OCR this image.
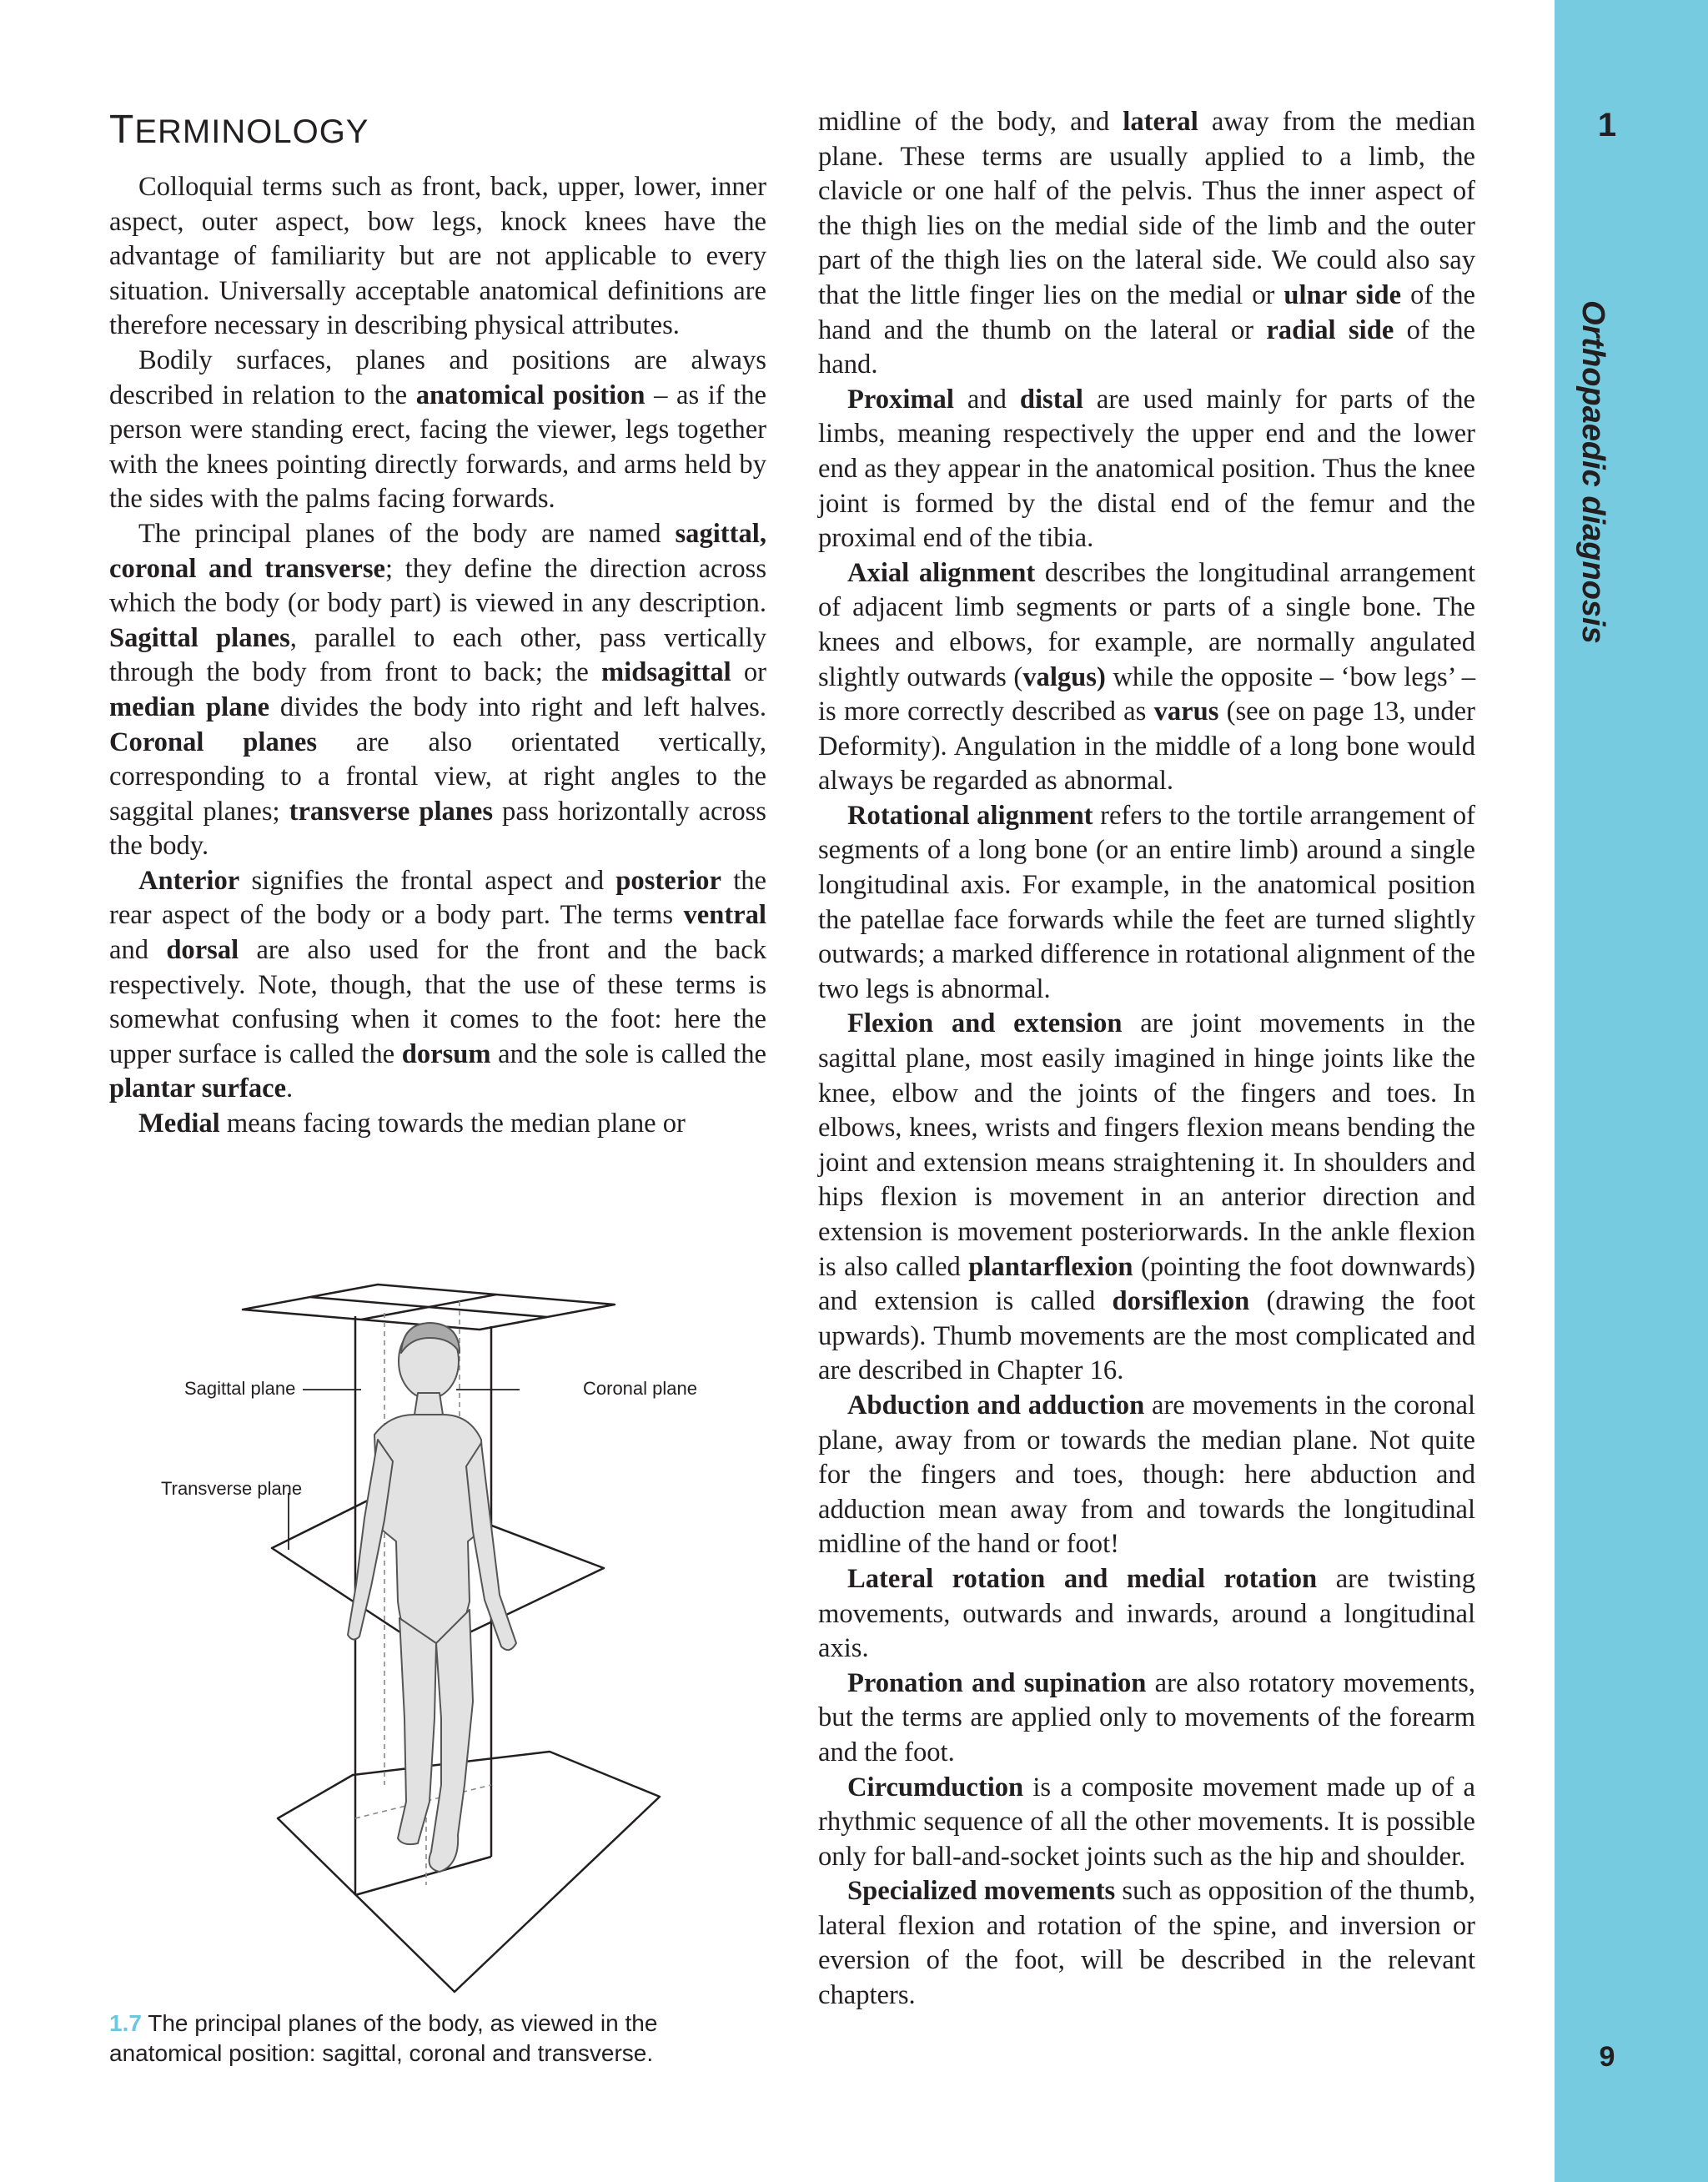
TERMINOLOGY

Colloquial terms such as front, back, upper, lower, inner aspect, outer aspect, bow legs, knock knees have the advantage of familiarity but are not applicable to every situation. Universally acceptable anatomical definitions are therefore necessary in describing physical attributes.

Bodily surfaces, planes and positions are always described in relation to the anatomical position – as if the person were standing erect, facing the viewer, legs together with the knees pointing directly forwards, and arms held by the sides with the palms facing forwards.

The principal planes of the body are named sagittal, coronal and transverse; they define the direction across which the body (or body part) is viewed in any description. Sagittal planes, parallel to each other, pass vertically through the body from front to back; the midsagittal or median plane divides the body into right and left halves. Coronal planes are also orientated vertically, corresponding to a frontal view, at right angles to the saggital planes; transverse planes pass horizontally across the body.

Anterior signifies the frontal aspect and posterior the rear aspect of the body or a body part. The terms ventral and dorsal are also used for the front and the back respectively. Note, though, that the use of these terms is somewhat confusing when it comes to the foot: here the upper surface is called the dorsum and the sole is called the plantar surface.

Medial means facing towards the median plane or

midline of the body, and lateral away from the median plane. These terms are usually applied to a limb, the clavicle or one half of the pelvis. Thus the inner aspect of the thigh lies on the medial side of the limb and the outer part of the thigh lies on the lateral side. We could also say that the little finger lies on the medial or ulnar side of the hand and the thumb on the lateral or radial side of the hand.

Proximal and distal are used mainly for parts of the limbs, meaning respectively the upper end and the lower end as they appear in the anatomical position. Thus the knee joint is formed by the distal end of the femur and the proximal end of the tibia.

Axial alignment describes the longitudinal arrangement of adjacent limb segments or parts of a single bone. The knees and elbows, for example, are normally angulated slightly outwards (valgus) while the opposite – ‘bow legs’ – is more correctly described as varus (see on page 13, under Deformity). Angulation in the middle of a long bone would always be regarded as abnormal.

Rotational alignment refers to the tortile arrangement of segments of a long bone (or an entire limb) around a single longitudinal axis. For example, in the anatomical position the patellae face forwards while the feet are turned slightly outwards; a marked difference in rotational alignment of the two legs is abnormal.

Flexion and extension are joint movements in the sagittal plane, most easily imagined in hinge joints like the knee, elbow and the joints of the fingers and toes. In elbows, knees, wrists and fingers flexion means bending the joint and extension means straightening it. In shoulders and hips flexion is movement in an anterior direction and extension is movement posteriorwards. In the ankle flexion is also called plantarflexion (pointing the foot downwards) and extension is called dorsiflexion (drawing the foot upwards). Thumb movements are the most complicated and are described in Chapter 16.

Abduction and adduction are movements in the coronal plane, away from or towards the median plane. Not quite for the fingers and toes, though: here abduction and adduction mean away from and towards the longitudinal midline of the hand or foot!

Lateral rotation and medial rotation are twisting movements, outwards and inwards, around a longitudinal axis.

Pronation and supination are also rotatory movements, but the terms are applied only to movements of the forearm and the foot.

Circumduction is a composite movement made up of a rhythmic sequence of all the other movements. It is possible only for ball-and-socket joints such as the hip and shoulder.

Specialized movements such as opposition of the thumb, lateral flexion and rotation of the spine, and inversion or eversion of the foot, will be described in the relevant chapters.

Sagittal plane	Coronal plane
Transverse plane
1.7 The principal planes of the body, as viewed in the anatomical position: sagittal, coronal and transverse.
1
Orthopaedic diagnosis
9
